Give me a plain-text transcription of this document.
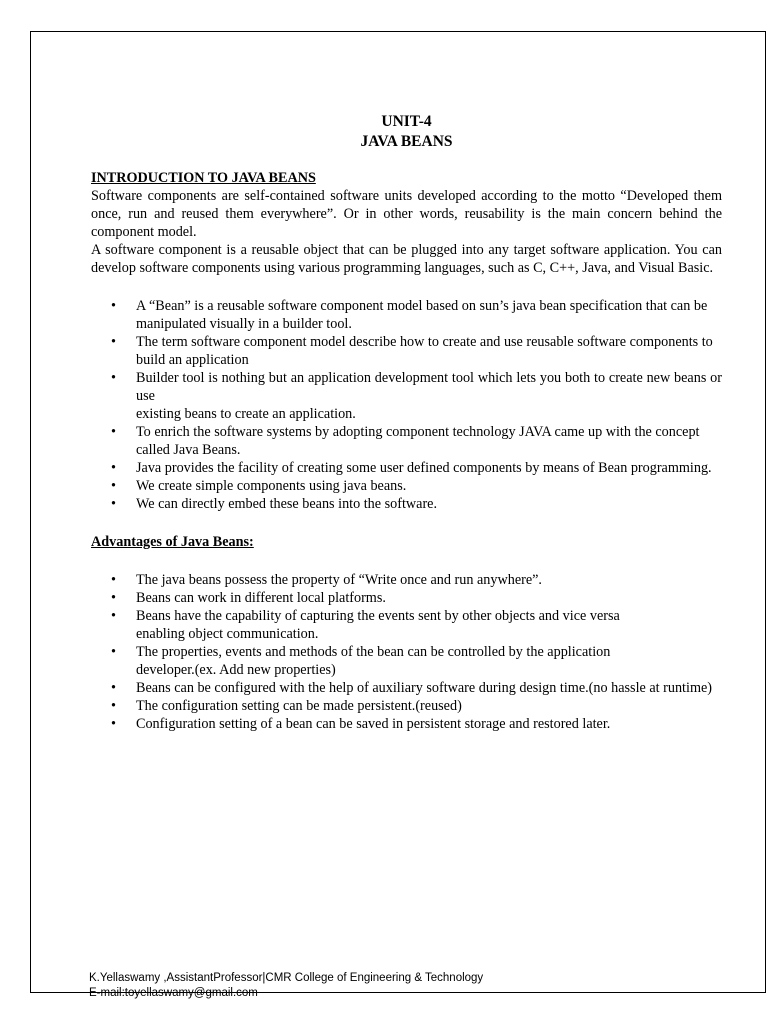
UNIT-4
JAVA BEANS

INTRODUCTION TO JAVA BEANS

Software components are self-contained software units developed according to the motto “Developed them once, run and reused them everywhere”. Or in other words, reusability is the main concern behind the component model.

A software component is a reusable object that can be plugged into any target software application. You can develop software components using various programming languages, such as C, C++, Java, and Visual Basic.

• A “Bean” is a reusable software component model based on sun’s java bean specification that can be
manipulated visually in a builder tool.
• The term software component model describe how to create and use reusable software components to
build an application
• Builder tool is nothing but an application development tool which lets you both to create new beans or use
existing beans to create an application.
• To enrich the software systems by adopting component technology JAVA came up with the concept
called Java Beans.
• Java provides the facility of creating some user defined components by means of Bean programming.
• We create simple components using java beans.
• We can directly embed these beans into the software.

Advantages of Java Beans:

• The java beans possess the property of “Write once and run anywhere”.
• Beans can work in different local platforms.
• Beans have the capability of capturing the events sent by other objects and vice versa
enabling object communication.
• The properties, events and methods of the bean can be controlled by the application
developer.(ex. Add new properties)
• Beans can be configured with the help of auxiliary software during design time.(no hassle at runtime)
• The configuration setting can be made persistent.(reused)
• Configuration setting of a bean can be saved in persistent storage and restored later.
K.Yellaswamy ,AssistantProfessor|CMR College of Engineering & Technology
E-mail:toyellaswamy@gmail.com
